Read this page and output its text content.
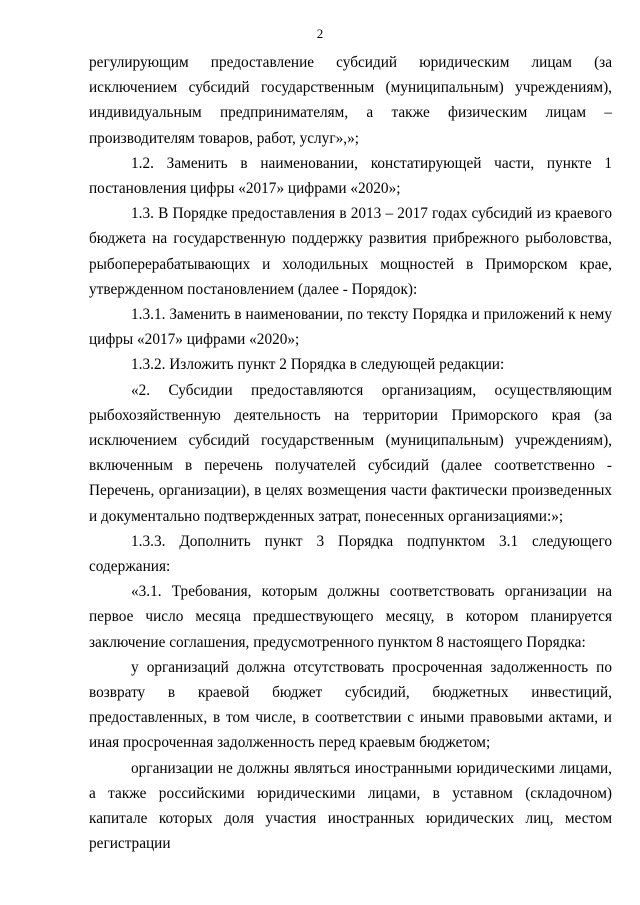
2

регулирующим предоставление субсидий юридическим лицам (за исключением субсидий государственным (муниципальным) учреждениям), индивидуальным предпринимателям, а также физическим лицам – производителям товаров, работ, услуг»,»;

1.2. Заменить в наименовании, констатирующей части, пункте 1 постановления цифры «2017» цифрами «2020»;

1.3. В Порядке предоставления в 2013 – 2017 годах субсидий из краевого бюджета на государственную поддержку развития прибрежного рыболовства, рыбоперерабатывающих и холодильных мощностей в Приморском крае, утвержденном постановлением (далее - Порядок):

1.3.1. Заменить в наименовании, по тексту Порядка и приложений к нему цифры «2017» цифрами «2020»;

1.3.2. Изложить пункт 2 Порядка в следующей редакции:

«2. Субсидии предоставляются организациям, осуществляющим рыбохозяйственную деятельность на территории Приморского края (за исключением субсидий государственным (муниципальным) учреждениям), включенным в перечень получателей субсидий (далее соответственно - Перечень, организации), в целях возмещения части фактически произведенных и документально подтвержденных затрат, понесенных организациями:»;

1.3.3. Дополнить пункт 3 Порядка подпунктом 3.1 следующего содержания:

«3.1. Требования, которым должны соответствовать организации на первое число месяца предшествующего месяцу, в котором планируется заключение соглашения, предусмотренного пунктом 8 настоящего Порядка:

у организаций должна отсутствовать просроченная задолженность по возврату в краевой бюджет субсидий, бюджетных инвестиций, предоставленных, в том числе, в соответствии с иными правовыми актами, и иная просроченная задолженность перед краевым бюджетом;

организации не должны являться иностранными юридическими лицами, а также российскими юридическими лицами, в уставном (складочном) капитале которых доля участия иностранных юридических лиц, местом регистрации
